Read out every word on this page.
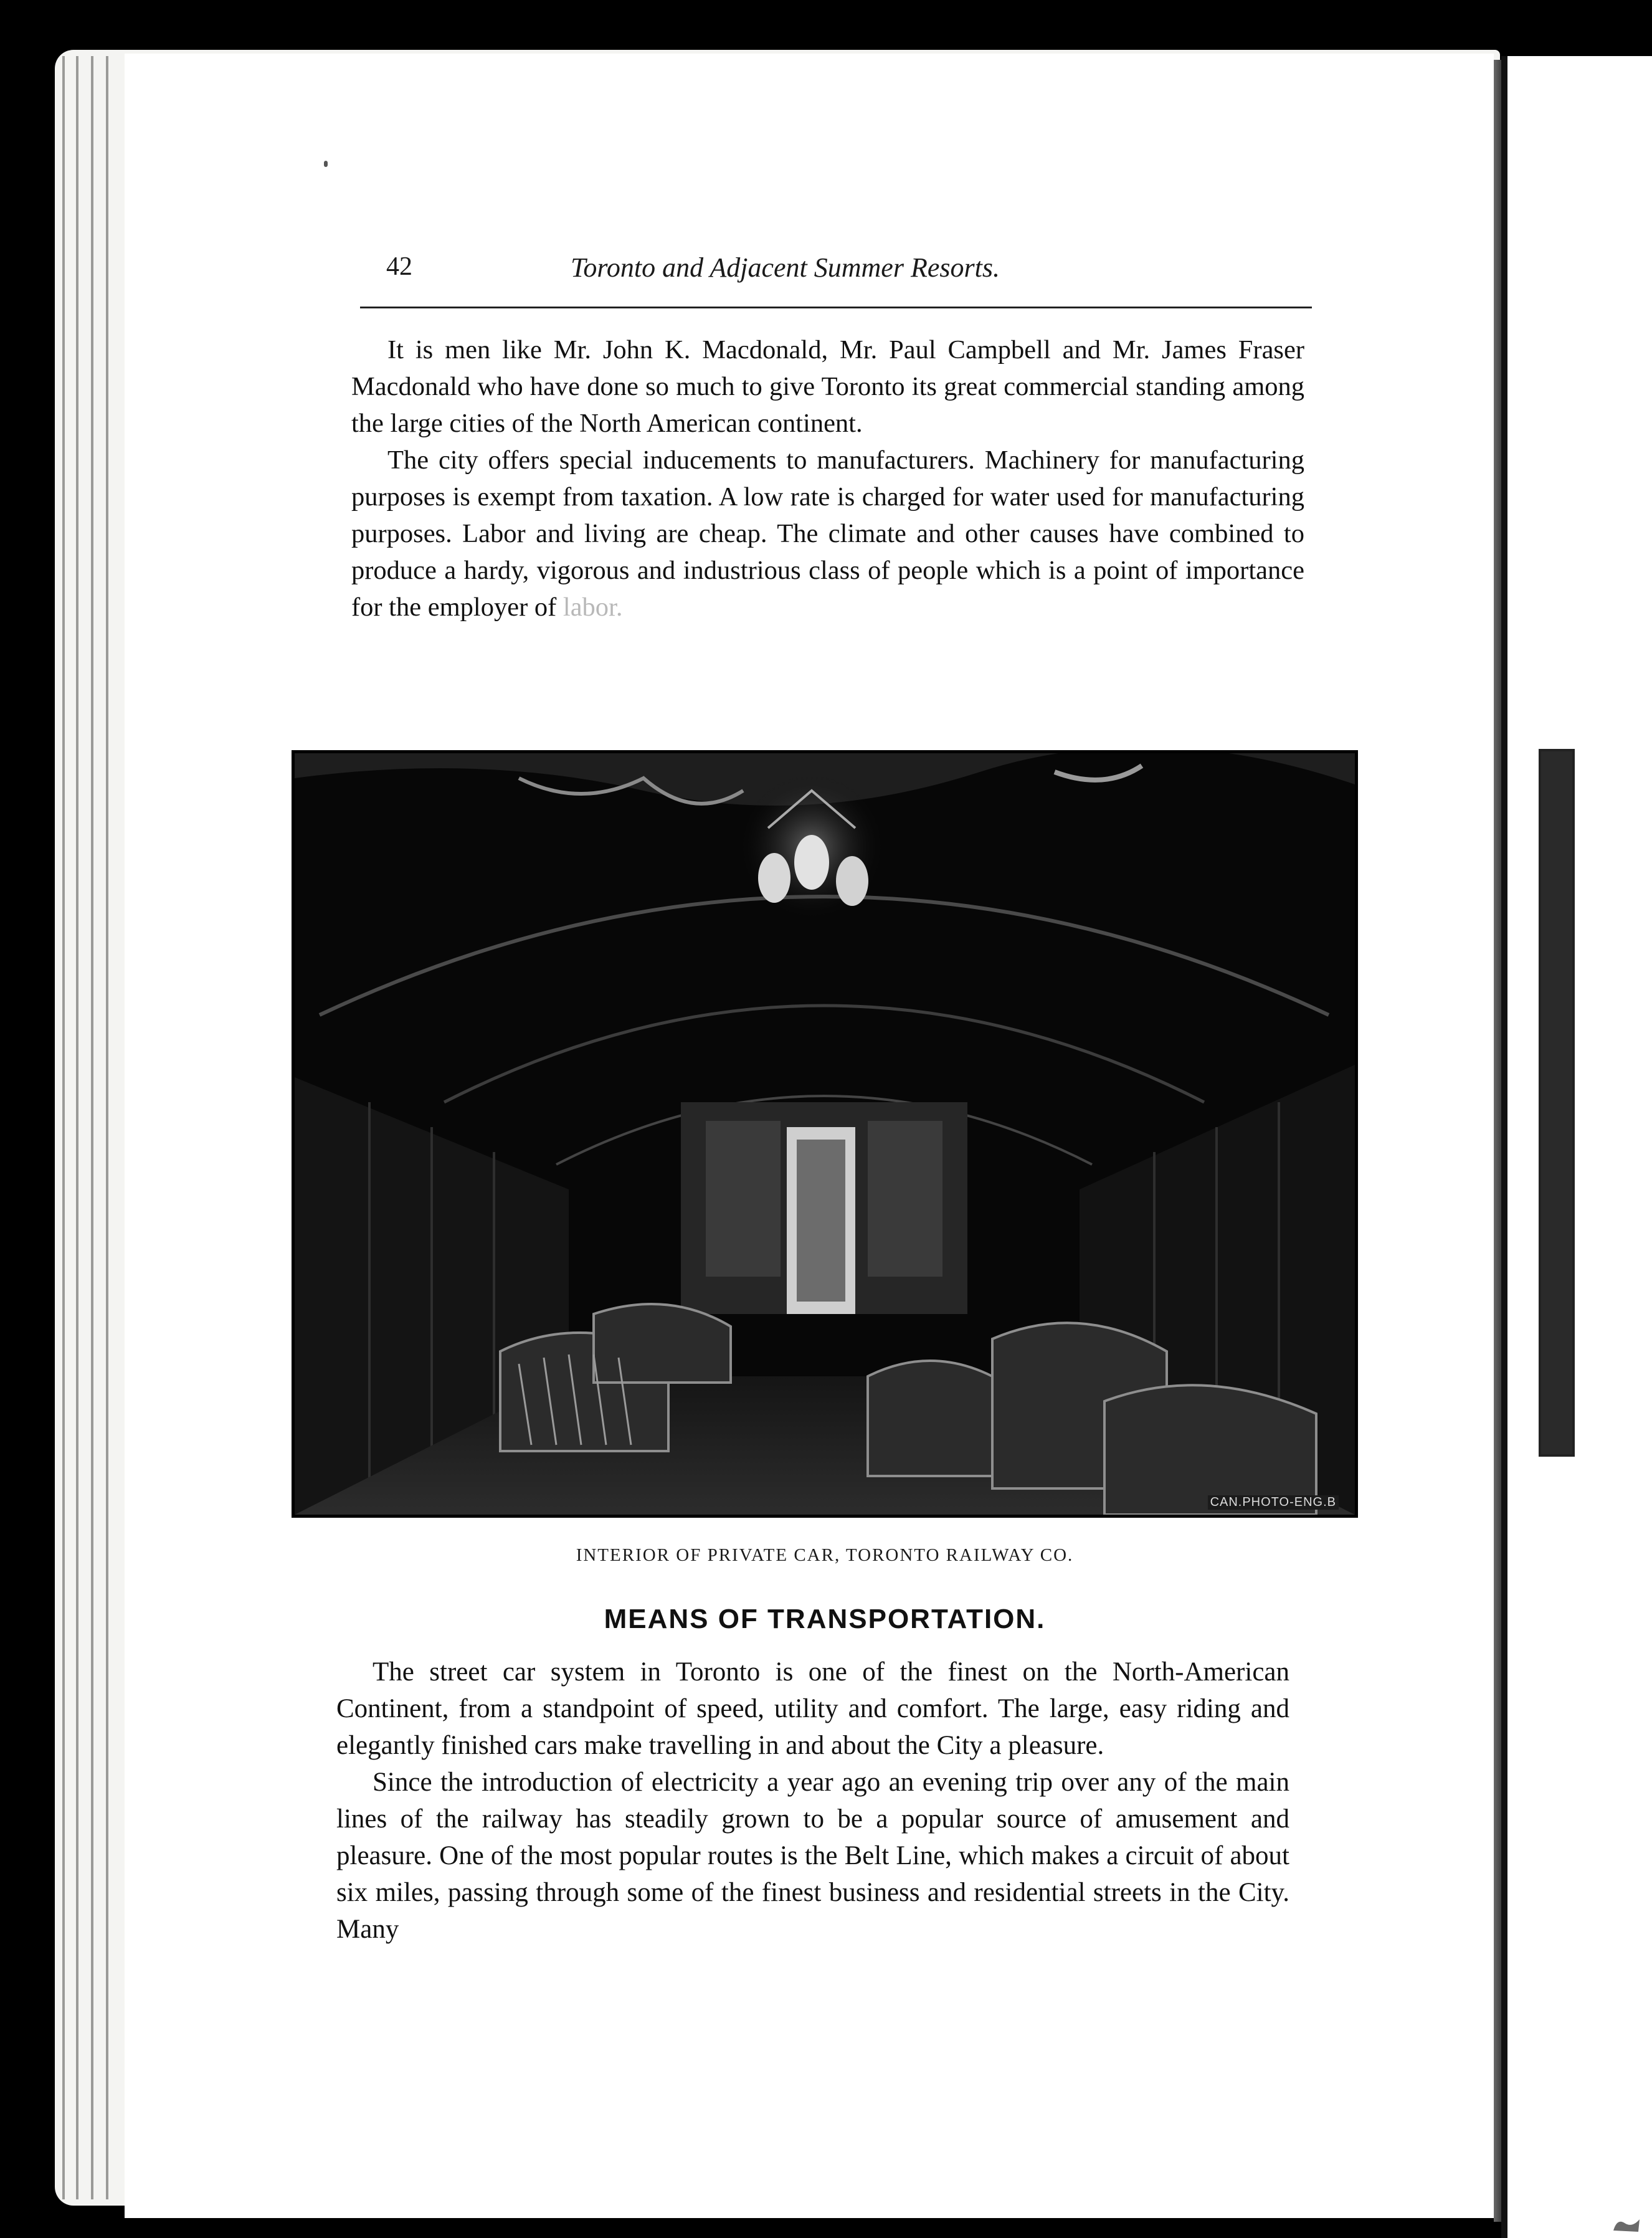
42	Toronto and Adjacent Summer Resorts.

It is men like Mr. John K. Macdonald, Mr. Paul Campbell and Mr. James Fraser Macdonald who have done so much to give Toronto its great commercial standing among the large cities of the North American continent.

The city offers special inducements to manufacturers. Machinery for manufacturing purposes is exempt from taxation. A low rate is charged for water used for manufacturing purposes. Labor and living are cheap. The climate and other causes have combined to produce a hardy, vigorous and industrious class of people which is a point of importance for the employer of labor.

CAN.PHOTO-ENG.B
INTERIOR OF PRIVATE CAR, TORONTO RAILWAY CO.
MEANS OF TRANSPORTATION.

The street car system in Toronto is one of the finest on the North-American Continent, from a standpoint of speed, utility and comfort. The large, easy riding and elegantly finished cars make travelling in and about the City a pleasure.

Since the introduction of electricity a year ago an evening trip over any of the main lines of the railway has steadily grown to be a popular source of amusement and pleasure. One of the most popular routes is the Belt Line, which makes a circuit of about six miles, passing through some of the finest business and residential streets in the City. Many
